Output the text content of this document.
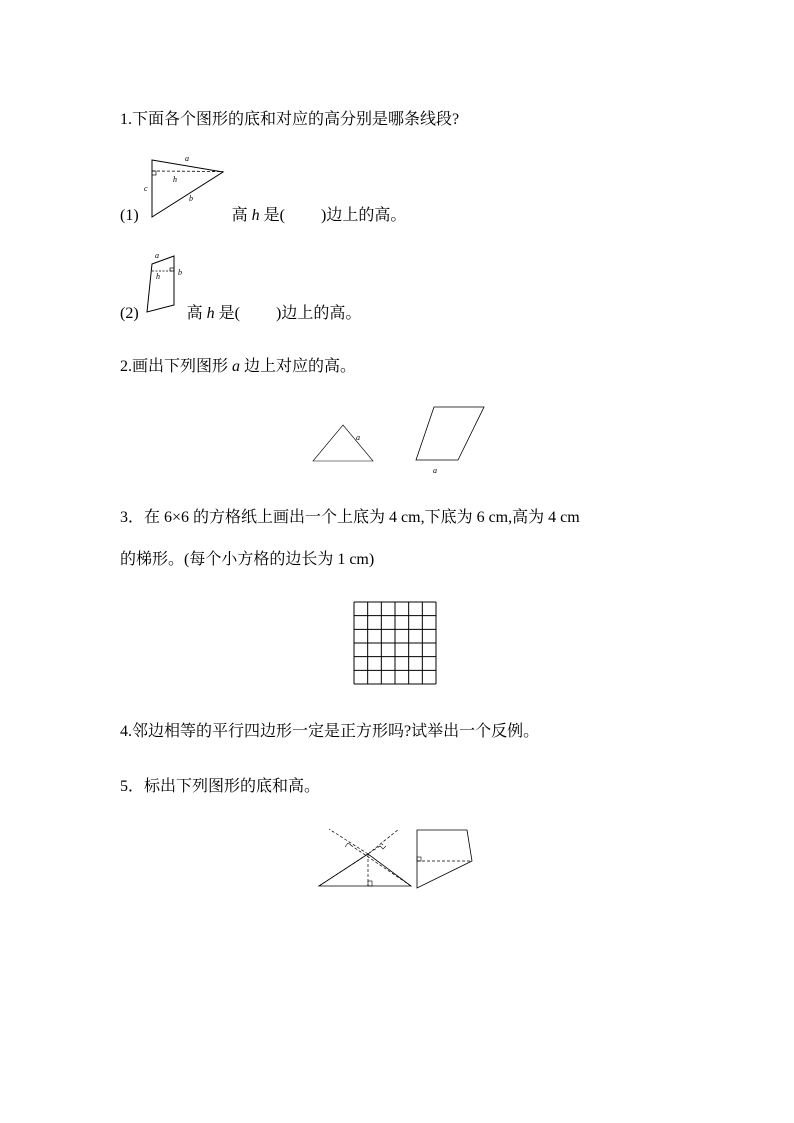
1.下面各个图形的底和对应的高分别是哪条线段?
a
c
h
b
(1)	高 h 是( )边上的高。
a
h b
(2)	高 h 是( )边上的高。
2.画出下列图形 a 边上对应的高。
a
a
3．在 6×6 的方格纸上画出一个上底为 4 cm,下底为 6 cm,高为 4 cm
的梯形。(每个小方格的边长为 1 cm)
4.邻边相等的平行四边形一定是正方形吗?试举出一个反例。
5．标出下列图形的底和高。
